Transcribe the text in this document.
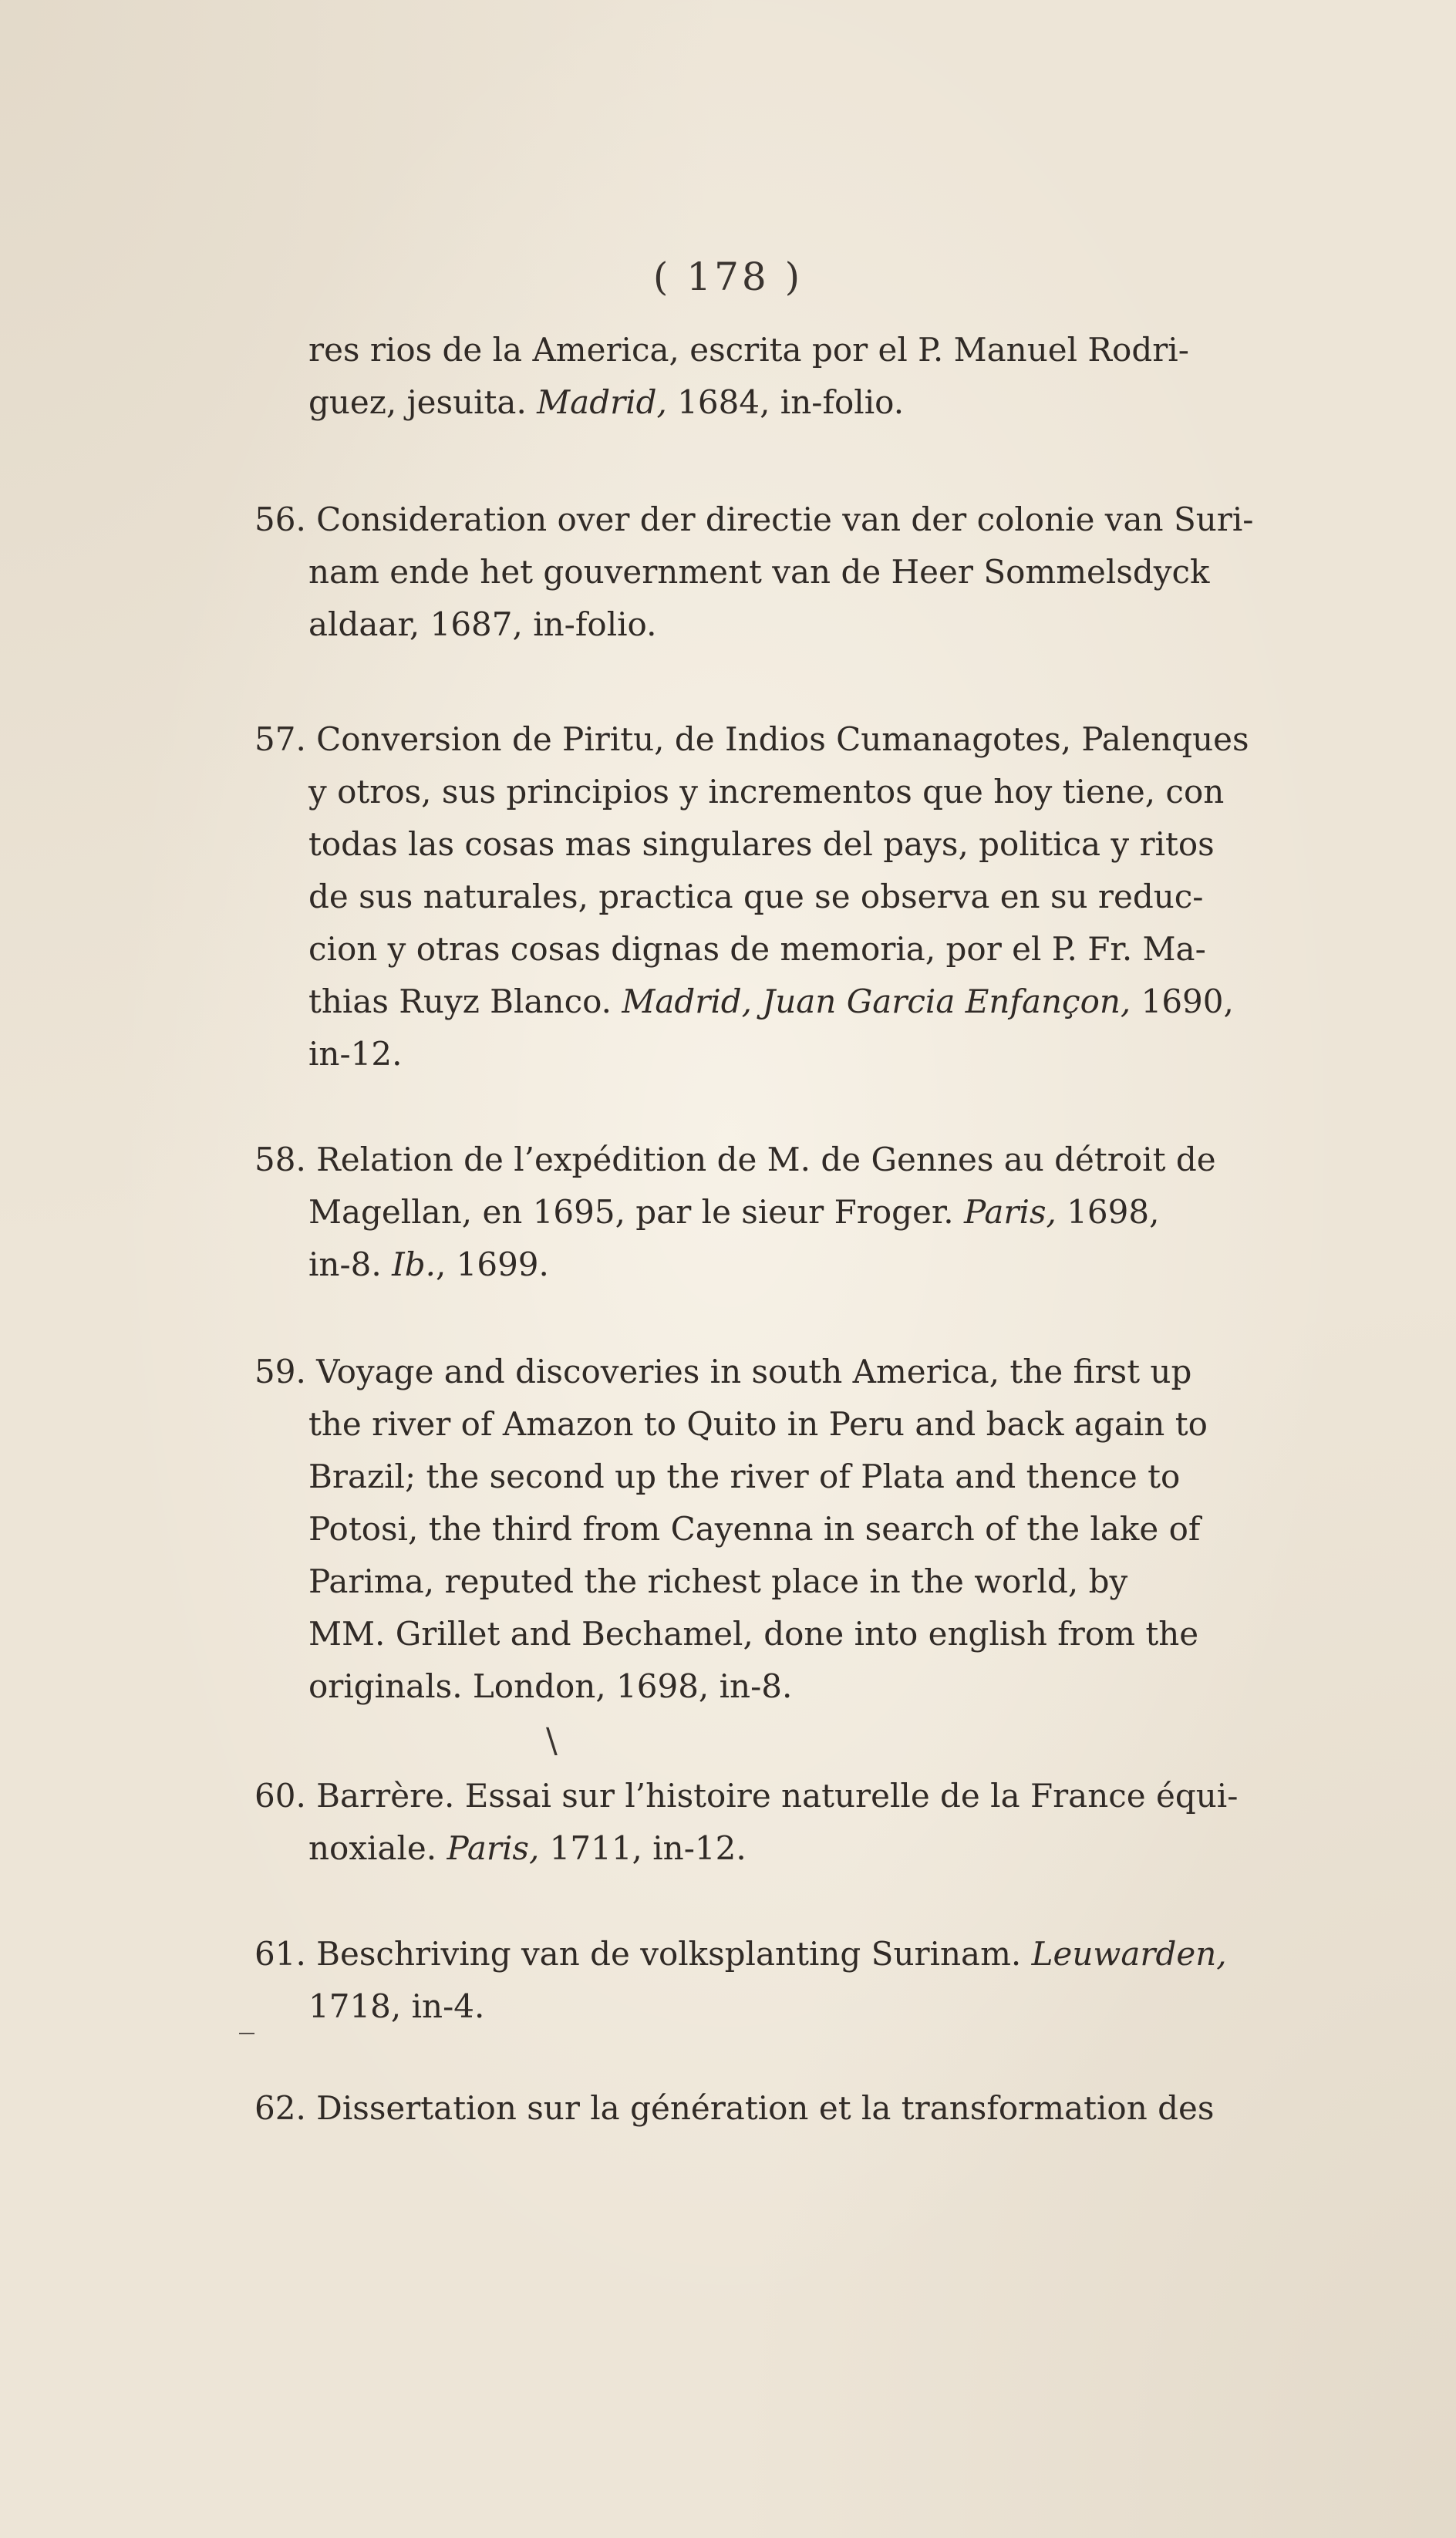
( 178 )
res rios de la America, escrita por el P. Manuel Rodri-
guez, jesuita. Madrid, 1684, in-folio.
56. Consideration over der directie van der colonie van Suri-
nam ende het gouvernment van de Heer Sommelsdyck
aldaar, 1687, in-folio.
57. Conversion de Piritu, de Indios Cumanagotes, Palenques
y otros, sus principios y incrementos que hoy tiene, con
todas las cosas mas singulares del pays, politica y ritos
de sus naturales, practica que se observa en su reduc-
cion y otras cosas dignas de memoria, por el P. Fr. Ma-
thias Ruyz Blanco. Madrid, Juan Garcia Enfançon, 1690,
in-12.
58. Relation de l’expédition de M. de Gennes au détroit de
Magellan, en 1695, par le sieur Froger. Paris, 1698,
in-8. Ib., 1699.
59. Voyage and discoveries in south America, the first up
the river of Amazon to Quito in Peru and back again to
Brazil; the second up the river of Plata and thence to
Potosi, the third from Cayenna in search of the lake of
Parima, reputed the richest place in the world, by
MM. Grillet and Bechamel, done into english from the
originals. London, 1698, in-8.
\
60. Barrère. Essai sur l’histoire naturelle de la France équi-
noxiale. Paris, 1711, in-12.
61. Beschriving van de volksplanting Surinam. Leuwarden,
1718, in-4.
_
62. Dissertation sur la génération et la transformation des
